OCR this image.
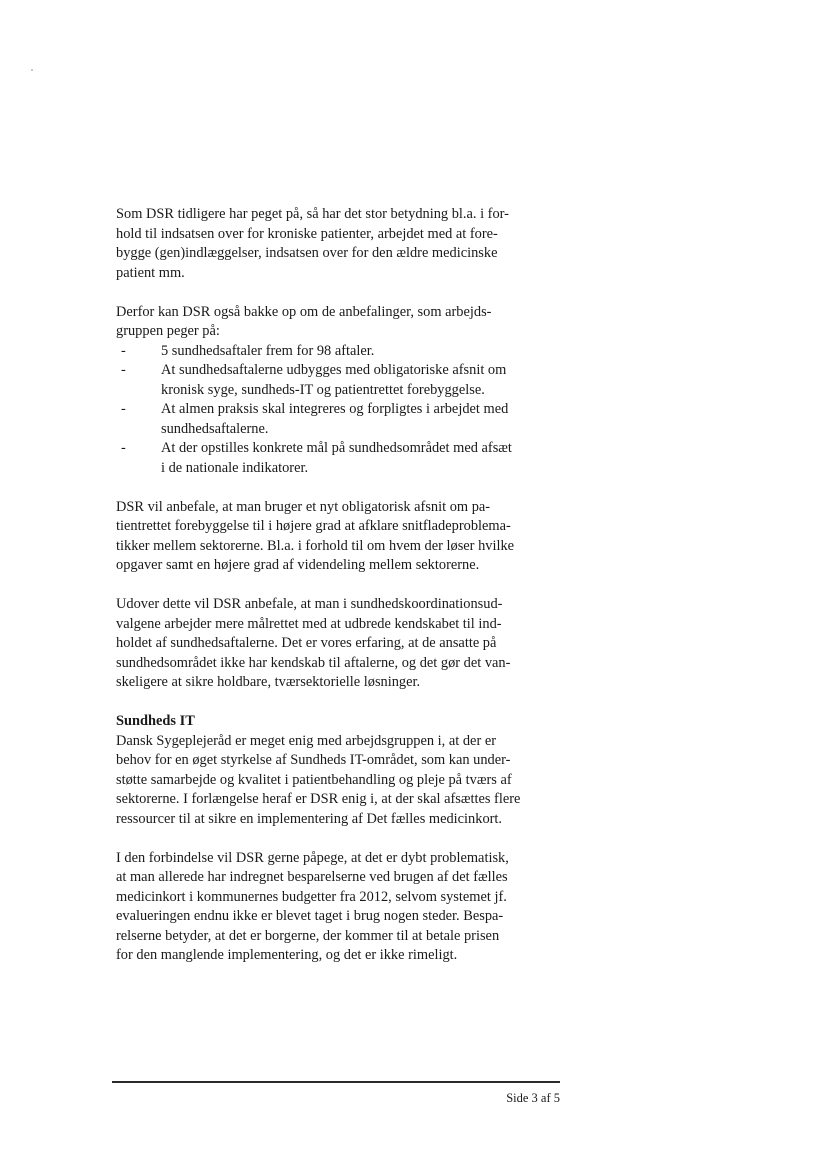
Som DSR tidligere har peget på, så har det stor betydning bl.a. i for-
hold til indsatsen over for kroniske patienter, arbejdet med at fore-
bygge (gen)indlæggelser, indsatsen over for den ældre medicinske
patient mm.

Derfor kan DSR også bakke op om de anbefalinger, som arbejds-
gruppen peger på:
- 5 sundhedsaftaler frem for 98 aftaler.
- At sundhedsaftalerne udbygges med obligatoriske afsnit om
kronisk syge, sundheds-IT og patientrettet forebyggelse.
- At almen praksis skal integreres og forpligtes i arbejdet med
sundhedsaftalerne.
- At der opstilles konkrete mål på sundhedsområdet med afsæt
i de nationale indikatorer.

DSR vil anbefale, at man bruger et nyt obligatorisk afsnit om pa-
tientrettet forebyggelse til i højere grad at afklare snitfladeproblema-
tikker mellem sektorerne. Bl.a. i forhold til om hvem der løser hvilke
opgaver samt en højere grad af videndeling mellem sektorerne.

Udover dette vil DSR anbefale, at man i sundhedskoordinationsud-
valgene arbejder mere målrettet med at udbrede kendskabet til ind-
holdet af sundhedsaftalerne. Det er vores erfaring, at de ansatte på
sundhedsområdet ikke har kendskab til aftalerne, og det gør det van-
skeligere at sikre holdbare, tværsektorielle løsninger.

Sundheds IT
Dansk Sygeplejeråd er meget enig med arbejdsgruppen i, at der er
behov for en øget styrkelse af Sundheds IT-området, som kan under-
støtte samarbejde og kvalitet i patientbehandling og pleje på tværs af
sektorerne. I forlængelse heraf er DSR enig i, at der skal afsættes flere
ressourcer til at sikre en implementering af Det fælles medicinkort.

I den forbindelse vil DSR gerne påpege, at det er dybt problematisk,
at man allerede har indregnet besparelserne ved brugen af det fælles
medicinkort i kommunernes budgetter fra 2012, selvom systemet jf.
evalueringen endnu ikke er blevet taget i brug nogen steder. Bespa-
relserne betyder, at det er borgerne, der kommer til at betale prisen
for den manglende implementering, og det er ikke rimeligt.

Side 3 af 5
